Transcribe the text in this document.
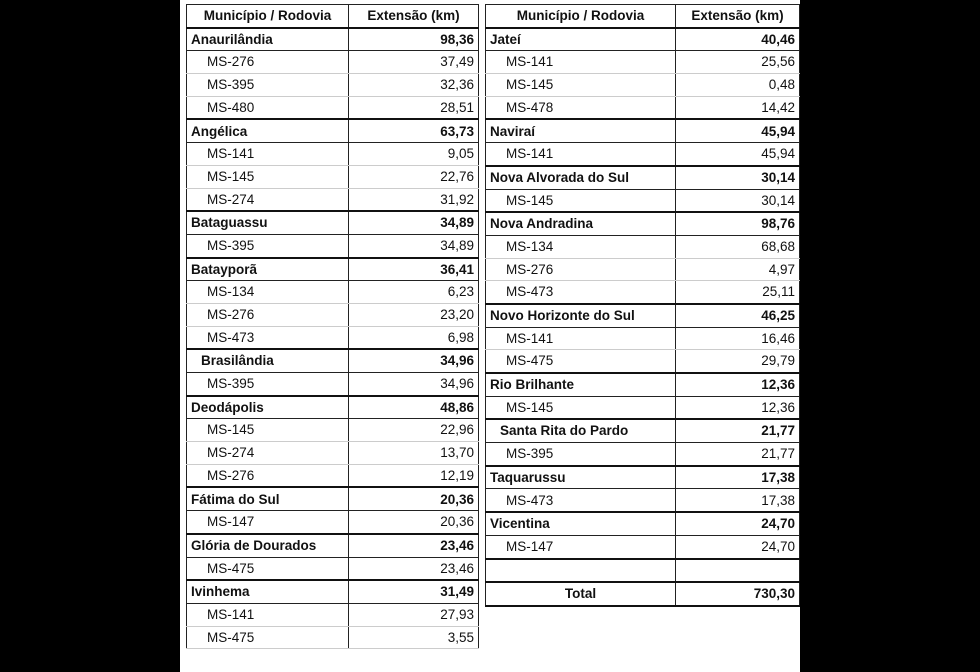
Município / Rodovia	Extensão (km)
Anaurilândia	98,36
MS-276	37,49
MS-395	32,36
MS-480	28,51
Angélica	63,73
MS-141	9,05
MS-145	22,76
MS-274	31,92
Bataguassu	34,89
MS-395	34,89
Batayporã	36,41
MS-134	6,23
MS-276	23,20
MS-473	6,98
Brasilândia	34,96
MS-395	34,96
Deodápolis	48,86
MS-145	22,96
MS-274	13,70
MS-276	12,19
Fátima do Sul	20,36
MS-147	20,36
Glória de Dourados	23,46
MS-475	23,46
Ivinhema	31,49
MS-141	27,93
MS-475	3,55
Município / Rodovia	Extensão (km)
Jateí	40,46
MS-141	25,56
MS-145	0,48
MS-478	14,42
Naviraí	45,94
MS-141	45,94
Nova Alvorada do Sul	30,14
MS-145	30,14
Nova Andradina	98,76
MS-134	68,68
MS-276	4,97
MS-473	25,11
Novo Horizonte do Sul	46,25
MS-141	16,46
MS-475	29,79
Rio Brilhante	12,36
MS-145	12,36
Santa Rita do Pardo	21,77
MS-395	21,77
Taquarussu	17,38
MS-473	17,38
Vicentina	24,70
MS-147	24,70

Total	730,30
